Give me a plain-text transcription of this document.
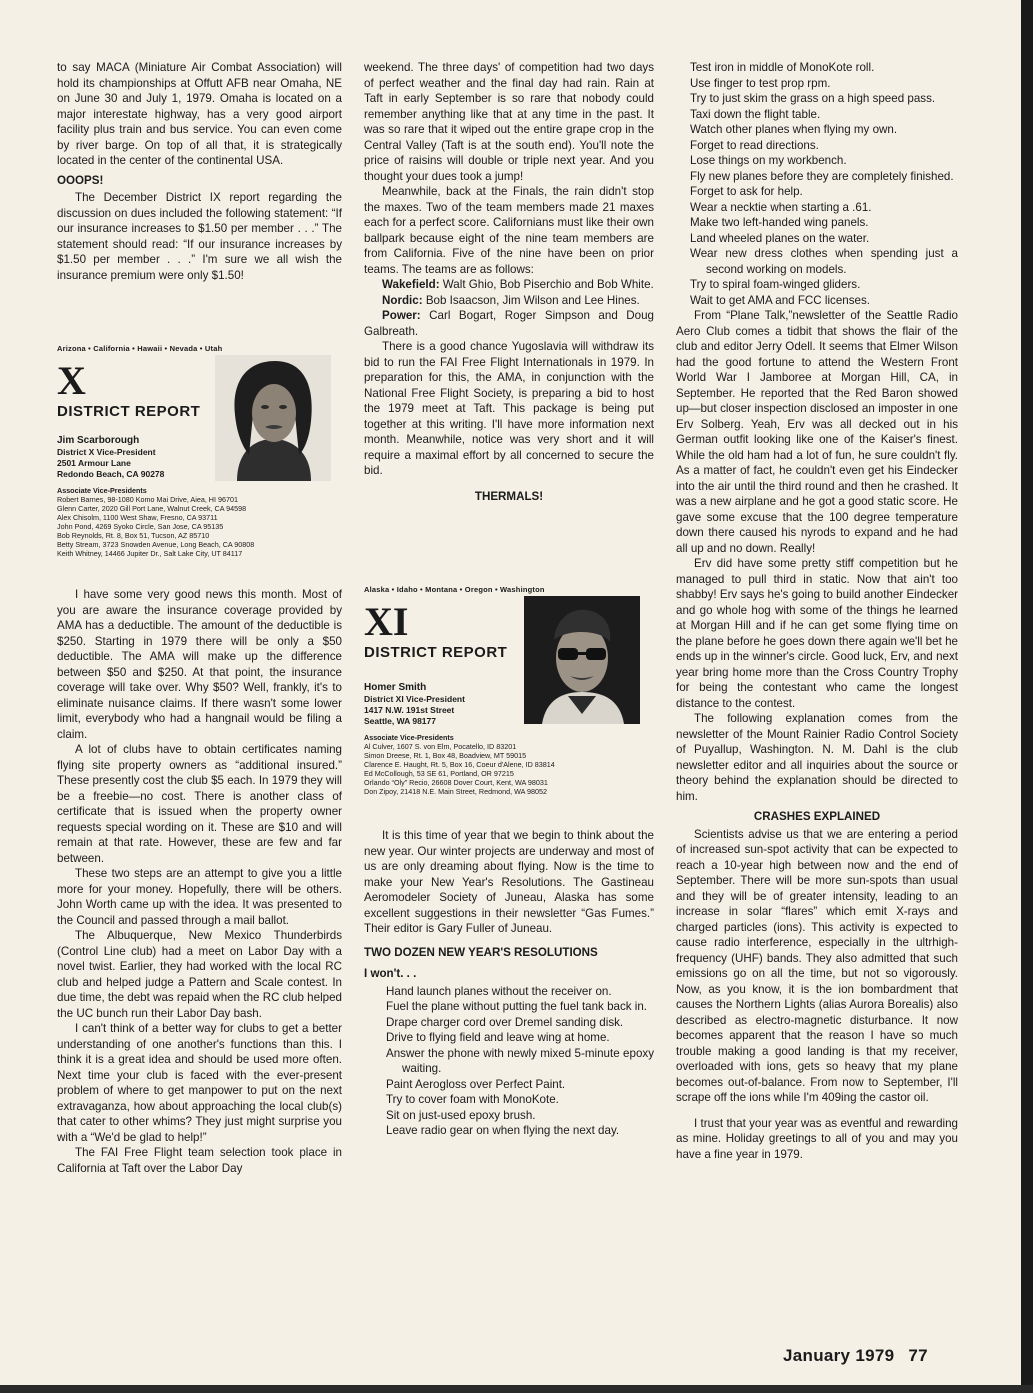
to say MACA (Miniature Air Combat Association) will hold its championships at Offutt AFB near Omaha, NE on June 30 and July 1, 1979. Omaha is located on a major interestate highway, has a very good airport facility plus train and bus service. You can even come by river barge. On top of all that, it is strategically located in the center of the continental USA.

OOOPS!

The December District IX report regarding the discussion on dues included the following statement: “If our insurance increases to $1.50 per member . . .” The statement should read: “If our insurance increases by $1.50 per member . . .” I'm sure we all wish the insurance premium were only $1.50!

Arizona • California • Hawaii • Nevada • Utah
X
DISTRICT REPORT
Jim Scarborough
District X Vice-President
2501 Armour Lane
Redondo Beach, CA 90278
Associate Vice-Presidents
Robert Barnes, 98-1080 Komo Mai Drive, Aiea, HI 96701
Glenn Carter, 2020 Gill Port Lane, Walnut Creek, CA 94598
Alex Chisolm, 1100 West Shaw, Fresno, CA 93711
John Pond, 4269 Syoko Circle, San Jose, CA 95135
Bob Reynolds, Rt. 8, Box 51, Tucson, AZ 85710
Betty Stream, 3723 Snowden Avenue, Long Beach, CA 90808
Keith Whitney, 14466 Jupiter Dr., Salt Lake City, UT 84117

I have some very good news this month. Most of you are aware the insurance coverage provided by AMA has a deductible. The amount of the deductible is $250. Starting in 1979 there will be only a $50 deductible. The AMA will make up the difference between $50 and $250. At that point, the insurance coverage will take over. Why $50? Well, frankly, it's to eliminate nuisance claims. If there wasn't some lower limit, everybody who had a hangnail would be filing a claim.

A lot of clubs have to obtain certificates naming flying site property owners as “additional insured.” These presently cost the club $5 each. In 1979 they will be a freebie—no cost. There is another class of certificate that is issued when the property owner requests special wording on it. These are $10 and will remain at that rate. However, these are few and far between.

These two steps are an attempt to give you a little more for your money. Hopefully, there will be others. John Worth came up with the idea. It was presented to the Council and passed through a mail ballot.

The Albuquerque, New Mexico Thunderbirds (Control Line club) had a meet on Labor Day with a novel twist. Earlier, they had worked with the local RC club and helped judge a Pattern and Scale contest. In due time, the debt was repaid when the RC club helped the UC bunch run their Labor Day bash.

I can't think of a better way for clubs to get a better understanding of one another's functions than this. I think it is a great idea and should be used more often. Next time your club is faced with the ever-present problem of where to get manpower to put on the next extravaganza, how about approaching the local club(s) that cater to other whims? They just might surprise you with a “We'd be glad to help!”

The FAI Free Flight team selection took place in California at Taft over the Labor Day

weekend. The three days' of competition had two days of perfect weather and the final day had rain. Rain at Taft in early September is so rare that nobody could remember anything like that at any time in the past. It was so rare that it wiped out the entire grape crop in the Central Valley (Taft is at the south end). You'll note the price of raisins will double or triple next year. And you thought your dues took a jump!

Meanwhile, back at the Finals, the rain didn't stop the maxes. Two of the team members made 21 maxes each for a perfect score. Californians must like their own ballpark because eight of the nine team members are from California. Five of the nine have been on prior teams. The teams are as follows:

Wakefield: Walt Ghio, Bob Piserchio and Bob White.

Nordic: Bob Isaacson, Jim Wilson and Lee Hines.

Power: Carl Bogart, Roger Simpson and Doug Galbreath.

There is a good chance Yugoslavia will withdraw its bid to run the FAI Free Flight Internationals in 1979. In preparation for this, the AMA, in conjunction with the National Free Flight Society, is preparing a bid to host the 1979 meet at Taft. This package is being put together at this writing. I'll have more information next month. Meanwhile, notice was very short and it will require a maximal effort by all concerned to secure the bid.

THERMALS!
Alaska • Idaho • Montana • Oregon • Washington
XI
DISTRICT REPORT
Homer Smith
District XI Vice-President
1417 N.W. 191st Street
Seattle, WA 98177
Associate Vice-Presidents
Al Culver, 1607 S. von Elm, Pocatello, ID 83201
Simon Dreese, Rt. 1, Box 48, Boadview, MT 59015
Clarence E. Haught, Rt. 5, Box 16, Coeur d'Alene, ID 83814
Ed McCollough, 53 SE 61, Portland, OR 97215
Orlando “Oly” Recio, 26608 Dover Court, Kent, WA 98031
Don Zipoy, 21418 N.E. Main Street, Redmond, WA 98052

It is this time of year that we begin to think about the new year. Our winter projects are underway and most of us are only dreaming about flying. Now is the time to make your New Year's Resolutions. The Gastineau Aeromodeler Society of Juneau, Alaska has some excellent suggestions in their newsletter “Gas Fumes.” Their editor is Gary Fuller of Juneau.

TWO DOZEN NEW YEAR'S RESOLUTIONS
I won't. . .
Hand launch planes without the receiver on.
Fuel the plane without putting the fuel tank back in.
Drape charger cord over Dremel sanding disk.
Drive to flying field and leave wing at home.
Answer the phone with newly mixed 5-minute epoxy waiting.
Paint Aerogloss over Perfect Paint.
Try to cover foam with MonoKote.
Sit on just-used epoxy brush.
Leave radio gear on when flying the next day.
Test iron in middle of MonoKote roll.
Use finger to test prop rpm.
Try to just skim the grass on a high speed pass.
Taxi down the flight table.
Watch other planes when flying my own.
Forget to read directions.
Lose things on my workbench.
Fly new planes before they are completely finished.
Forget to ask for help.
Wear a necktie when starting a .61.
Make two left-handed wing panels.
Land wheeled planes on the water.
Wear new dress clothes when spending just a second working on models.
Try to spiral foam-winged gliders.
Wait to get AMA and FCC licenses.

From “Plane Talk,”newsletter of the Seattle Radio Aero Club comes a tidbit that shows the flair of the club and editor Jerry Odell. It seems that Elmer Wilson had the good fortune to attend the Western Front World War I Jamboree at Morgan Hill, CA, in September. He reported that the Red Baron showed up—but closer inspection disclosed an imposter in one Erv Solberg. Yeah, Erv was all decked out in his German outfit looking like one of the Kaiser's finest. While the old ham had a lot of fun, he sure couldn't fly. As a matter of fact, he couldn't even get his Eindecker into the air until the third round and then he crashed. It was a new airplane and he got a good static score. He gave some excuse that the 100 degree temperature down there caused his nyrods to expand and he had all up and no down. Really!

Erv did have some pretty stiff competition but he managed to pull third in static. Now that ain't too shabby! Erv says he's going to build another Eindecker and go whole hog with some of the things he learned at Morgan Hill and if he can get some flying time on the plane before he goes down there again we'll bet he ends up in the winner's circle. Good luck, Erv, and next year bring home more than the Cross Country Trophy for being the contestant who came the longest distance to the contest.

The following explanation comes from the newsletter of the Mount Rainier Radio Control Society of Puyallup, Washington. N. M. Dahl is the club newsletter editor and all inquiries about the source or theory behind the explanation should be directed to him.

CRASHES EXPLAINED

Scientists advise us that we are entering a period of increased sun-spot activity that can be expected to reach a 10-year high between now and the end of September. There will be more sun-spots than usual and they will be of greater intensity, leading to an increase in solar “flares” which emit X-rays and charged particles (ions). This activity is expected to cause radio interference, especially in the ultrhigh-frequency (UHF) bands. They also admitted that such emissions go on all the time, but not so vigorously. Now, as you know, it is the ion bombardment that causes the Northern Lights (alias Aurora Borealis) also described as electro-magnetic disturbance. It now becomes apparent that the reason I have so much trouble making a good landing is that my receiver, overloaded with ions, gets so heavy that my plane becomes out-of-balance. From now to September, I'll scrape off the ions while I'm 409ing the castor oil.

I trust that your year was as eventful and rewarding as mine. Holiday greetings to all of you and may you have a fine year in 1979.

January 1979 77
